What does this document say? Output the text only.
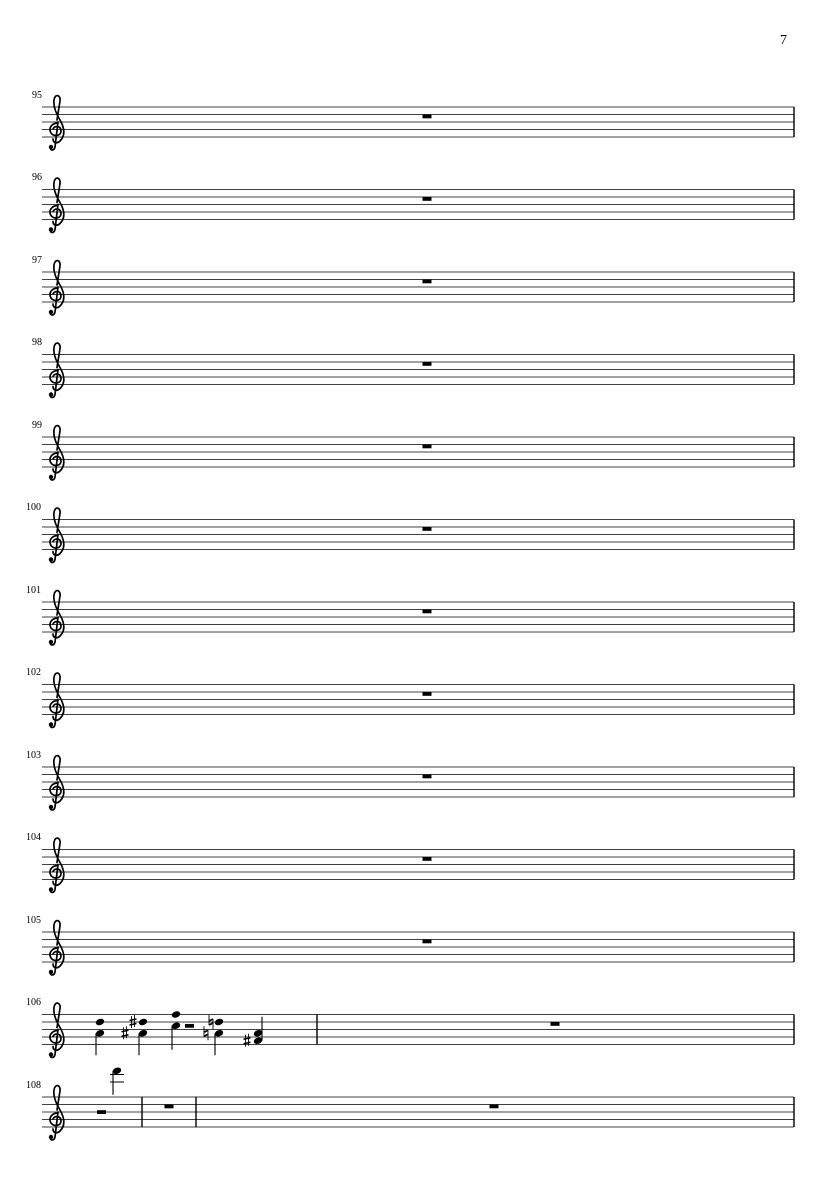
7
95
96
97
98
99
100
101
102
103
104
105
106
108
